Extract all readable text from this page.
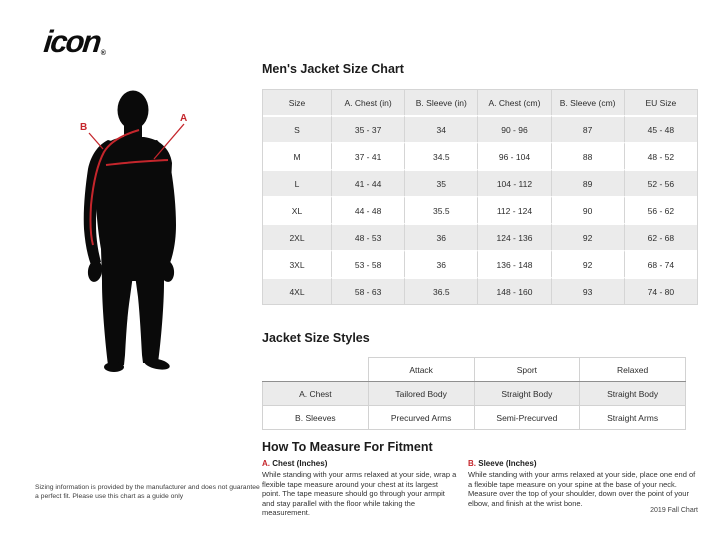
icon®
B
A
Men's Jacket Size Chart
Size	A. Chest (in)	B. Sleeve (in)	A. Chest (cm)	B. Sleeve (cm)	EU Size
S	35 - 37	34	90 - 96	87	45 - 48
M	37 - 41	34.5	96 - 104	88	48 - 52
L	41 - 44	35	104 - 112	89	52 - 56
XL	44 - 48	35.5	112 - 124	90	56 - 62
2XL	48 - 53	36	124 - 136	92	62 - 68
3XL	53 - 58	36	136 - 148	92	68 - 74
4XL	58 - 63	36.5	148 - 160	93	74 - 80
Jacket Size Styles
	Attack	Sport	Relaxed
A. Chest	Tailored Body	Straight Body	Straight Body
B. Sleeves	Precurved Arms	Semi-Precurved	Straight Arms
How To Measure For Fitment
A. Chest (Inches)
While standing with your arms relaxed at your side, wrap a flexible tape measure around your chest at its largest point. The tape measure should go through your armpit and stay parallel with the floor while taking the measurement.
B. Sleeve (Inches)
While standing with your arms relaxed at your side, place one end of a flexible tape measure on your spine at the base of your neck. Measure over the top of your shoulder, down over the point of your elbow, and finish at the wrist bone.
Sizing information is provided by the manufacturer and does not guarantee a perfect fit. Please use this chart as a guide only
2019 Fall Chart
